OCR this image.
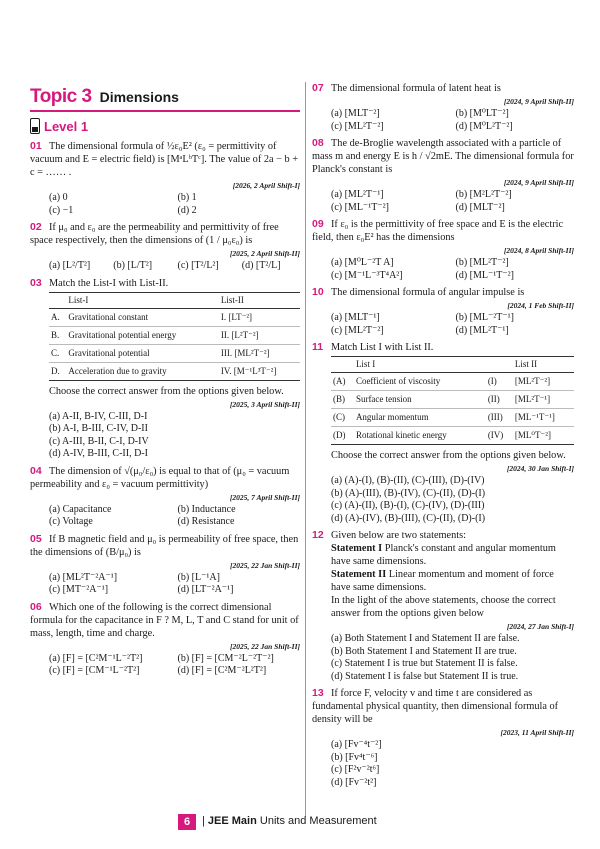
Topic 3 Dimensions
Level 1
01 The dimensional formula of ½ε₀E² (ε₀ = permittivity of vacuum and E = electric field) is [MᵃLᵇTᶜ]. The value of 2a − b + c = …… .
[2026, 2 April Shift-I]
(a) 0	(b) 1
(c) −1	(d) 2
02 If μ₀ and ε₀ are the permeability and permittivity of free space respectively, then the dimensions of (1 / μ₀ε₀) is
[2025, 2 April Shift-II]
(a) [L²/T²]	(b) [L/T²]	(c) [T²/L²]	(d) [T²/L]
03 Match the List-I with List-II.
	List-I	List-II
A.	Gravitational constant	I. [LT⁻²]
B.	Gravitational potential energy	II. [L²T⁻²]
C.	Gravitational potential	III. [ML²T⁻²]
D.	Acceleration due to gravity	IV. [M⁻¹L³T⁻²]
Choose the correct answer from the options given below.
[2025, 3 April Shift-II]
(a) A-II, B-IV, C-III, D-I
(b) A-I, B-III, C-IV, D-II
(c) A-III, B-II, C-I, D-IV
(d) A-IV, B-III, C-II, D-I
04 The dimension of √(μ₀/ε₀) is equal to that of (μ₀ = vacuum permeability and ε₀ = vacuum permittivity)
[2025, 7 April Shift-II]
(a) Capacitance	(b) Inductance
(c) Voltage	(d) Resistance
05 If B magnetic field and μ₀ is permeability of free space, then the dimensions of (B/μ₀) is
[2025, 22 Jan Shift-II]
(a) [ML²T⁻²A⁻¹]	(b) [L⁻¹A]
(c) [MT⁻²A⁻¹]	(d) [LT⁻²A⁻¹]
06 Which one of the following is the correct dimensional formula for the capacitance in F ? M, L, T and C stand for unit of mass, length, time and charge.
[2025, 22 Jan Shift-II]
(a) [F] = [C²M⁻¹L⁻²T²]	(b) [F] = [CM⁻²L⁻²T⁻²]
(c) [F] = [CM⁻¹L⁻²T²]	(d) [F] = [C²M⁻²L²T²]
07 The dimensional formula of latent heat is
[2024, 9 April Shift-II]
(a) [MLT⁻²]	(b) [M⁰LT⁻²]
(c) [ML²T⁻²]	(d) [M⁰L²T⁻²]
08 The de-Broglie wavelength associated with a particle of mass m and energy E is h / √2mE. The dimensional formula for Planck's constant is
[2024, 9 April Shift-II]
(a) [ML²T⁻¹]	(b) [M²L²T⁻²]
(c) [ML⁻¹T⁻²]	(d) [MLT⁻²]
09 If ε₀ is the permittivity of free space and E is the electric field, then ε₀E² has the dimensions
[2024, 8 April Shift-II]
(a) [M⁰L⁻²T A]	(b) [ML²T⁻²]
(c) [M⁻¹L⁻³T⁴A²]	(d) [ML⁻¹T⁻²]
10 The dimensional formula of angular impulse is
[2024, 1 Feb Shift-II]
(a) [MLT⁻¹]	(b) [ML⁻²T⁻¹]
(c) [ML²T⁻²]	(d) [ML²T⁻¹]
11 Match List I with List II.
	List I		List II
(A)	Coefficient of viscosity	(I)	[ML²T⁻²]
(B)	Surface tension	(II)	[ML²T⁻¹]
(C)	Angular momentum	(III)	[ML⁻¹T⁻¹]
(D)	Rotational kinetic energy	(IV)	[ML⁰T⁻²]
Choose the correct answer from the options given below.
[2024, 30 Jan Shift-I]
(a) (A)-(I), (B)-(II), (C)-(III), (D)-(IV)
(b) (A)-(III), (B)-(IV), (C)-(II), (D)-(I)
(c) (A)-(II), (B)-(I), (C)-(IV), (D)-(III)
(d) (A)-(IV), (B)-(III), (C)-(II), (D)-(I)
12 Given below are two statements:
Statement I Planck's constant and angular momentum have same dimensions.
Statement II Linear momentum and moment of force have same dimensions.
In the light of the above statements, choose the correct answer from the options given below
[2024, 27 Jan Shift-I]
(a) Both Statement I and Statement II are false.
(b) Both Statement I and Statement II are true.
(c) Statement I is true but Statement II is false.
(d) Statement I is false but Statement II is true.
13 If force F, velocity v and time t are considered as fundamental physical quantity, then dimensional formula of density will be
[2023, 11 April Shift-II]
(a) [Fv⁻⁴t⁻²]
(b) [Fv⁴t⁻⁶]
(c) [F²v⁻²t⁶]
(d) [Fv⁻²t²]
6	| JEE Main Units and Measurement
